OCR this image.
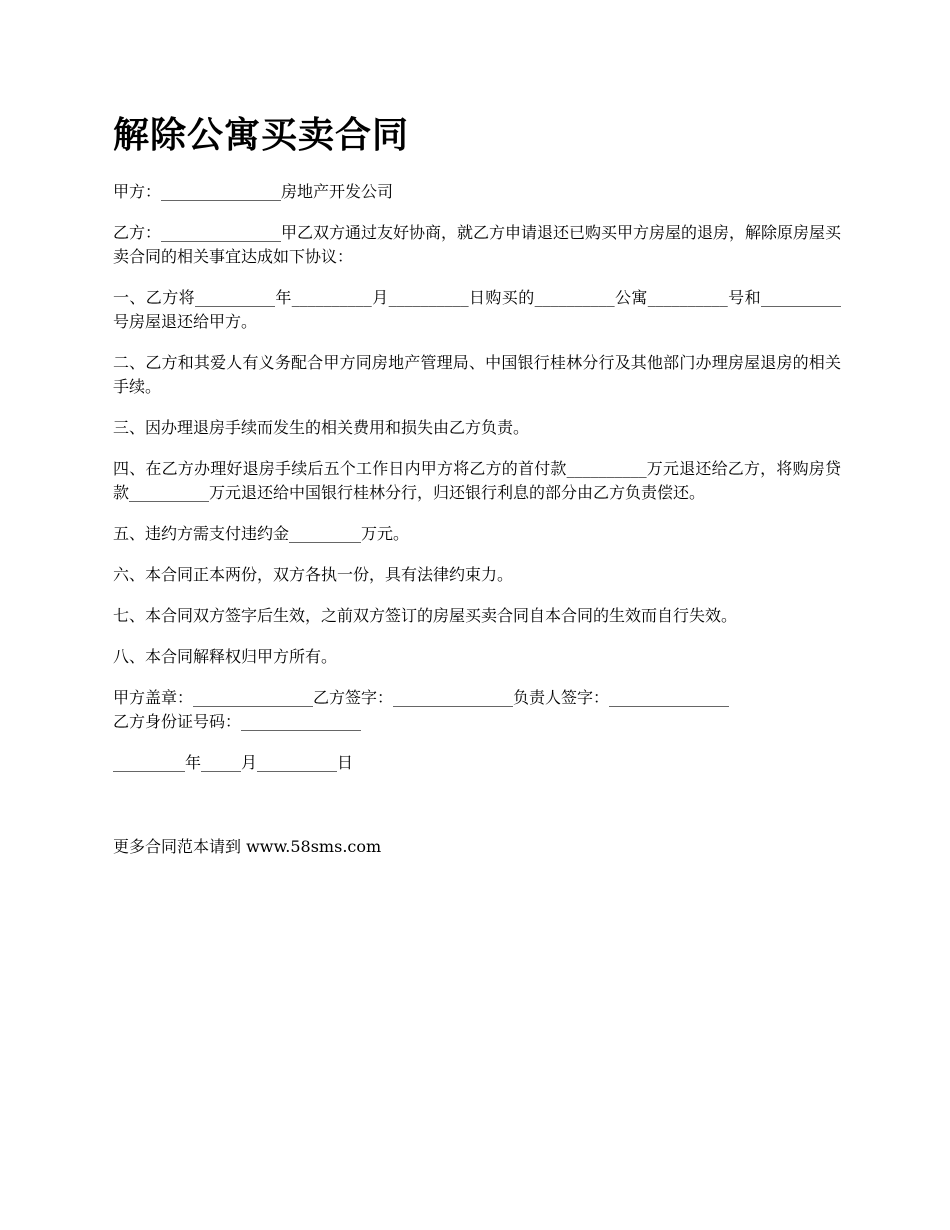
解除公寓买卖合同

甲方：_______________房地产开发公司

乙方：_______________甲乙双方通过友好协商，就乙方申请退还已购买甲方房屋的退房，解除原房屋买卖合同的相关事宜达成如下协议：

一、乙方将__________年__________月__________日购买的__________公寓__________号和__________号房屋退还给甲方。

二、乙方和其爱人有义务配合甲方同房地产管理局、中国银行桂林分行及其他部门办理房屋退房的相关手续。

三、因办理退房手续而发生的相关费用和损失由乙方负责。

四、在乙方办理好退房手续后五个工作日内甲方将乙方的首付款__________万元退还给乙方，将购房贷款__________万元退还给中国银行桂林分行，归还银行利息的部分由乙方负责偿还。

五、违约方需支付违约金_________万元。

六、本合同正本两份，双方各执一份，具有法律约束力。

七、本合同双方签字后生效，之前双方签订的房屋买卖合同自本合同的生效而自行失效。

八、本合同解释权归甲方所有。

甲方盖章：_______________乙方签字：_______________负责人签字：_______________

乙方身份证号码：_______________

_________年_____月__________日

更多合同范本请到 www.58sms.com
